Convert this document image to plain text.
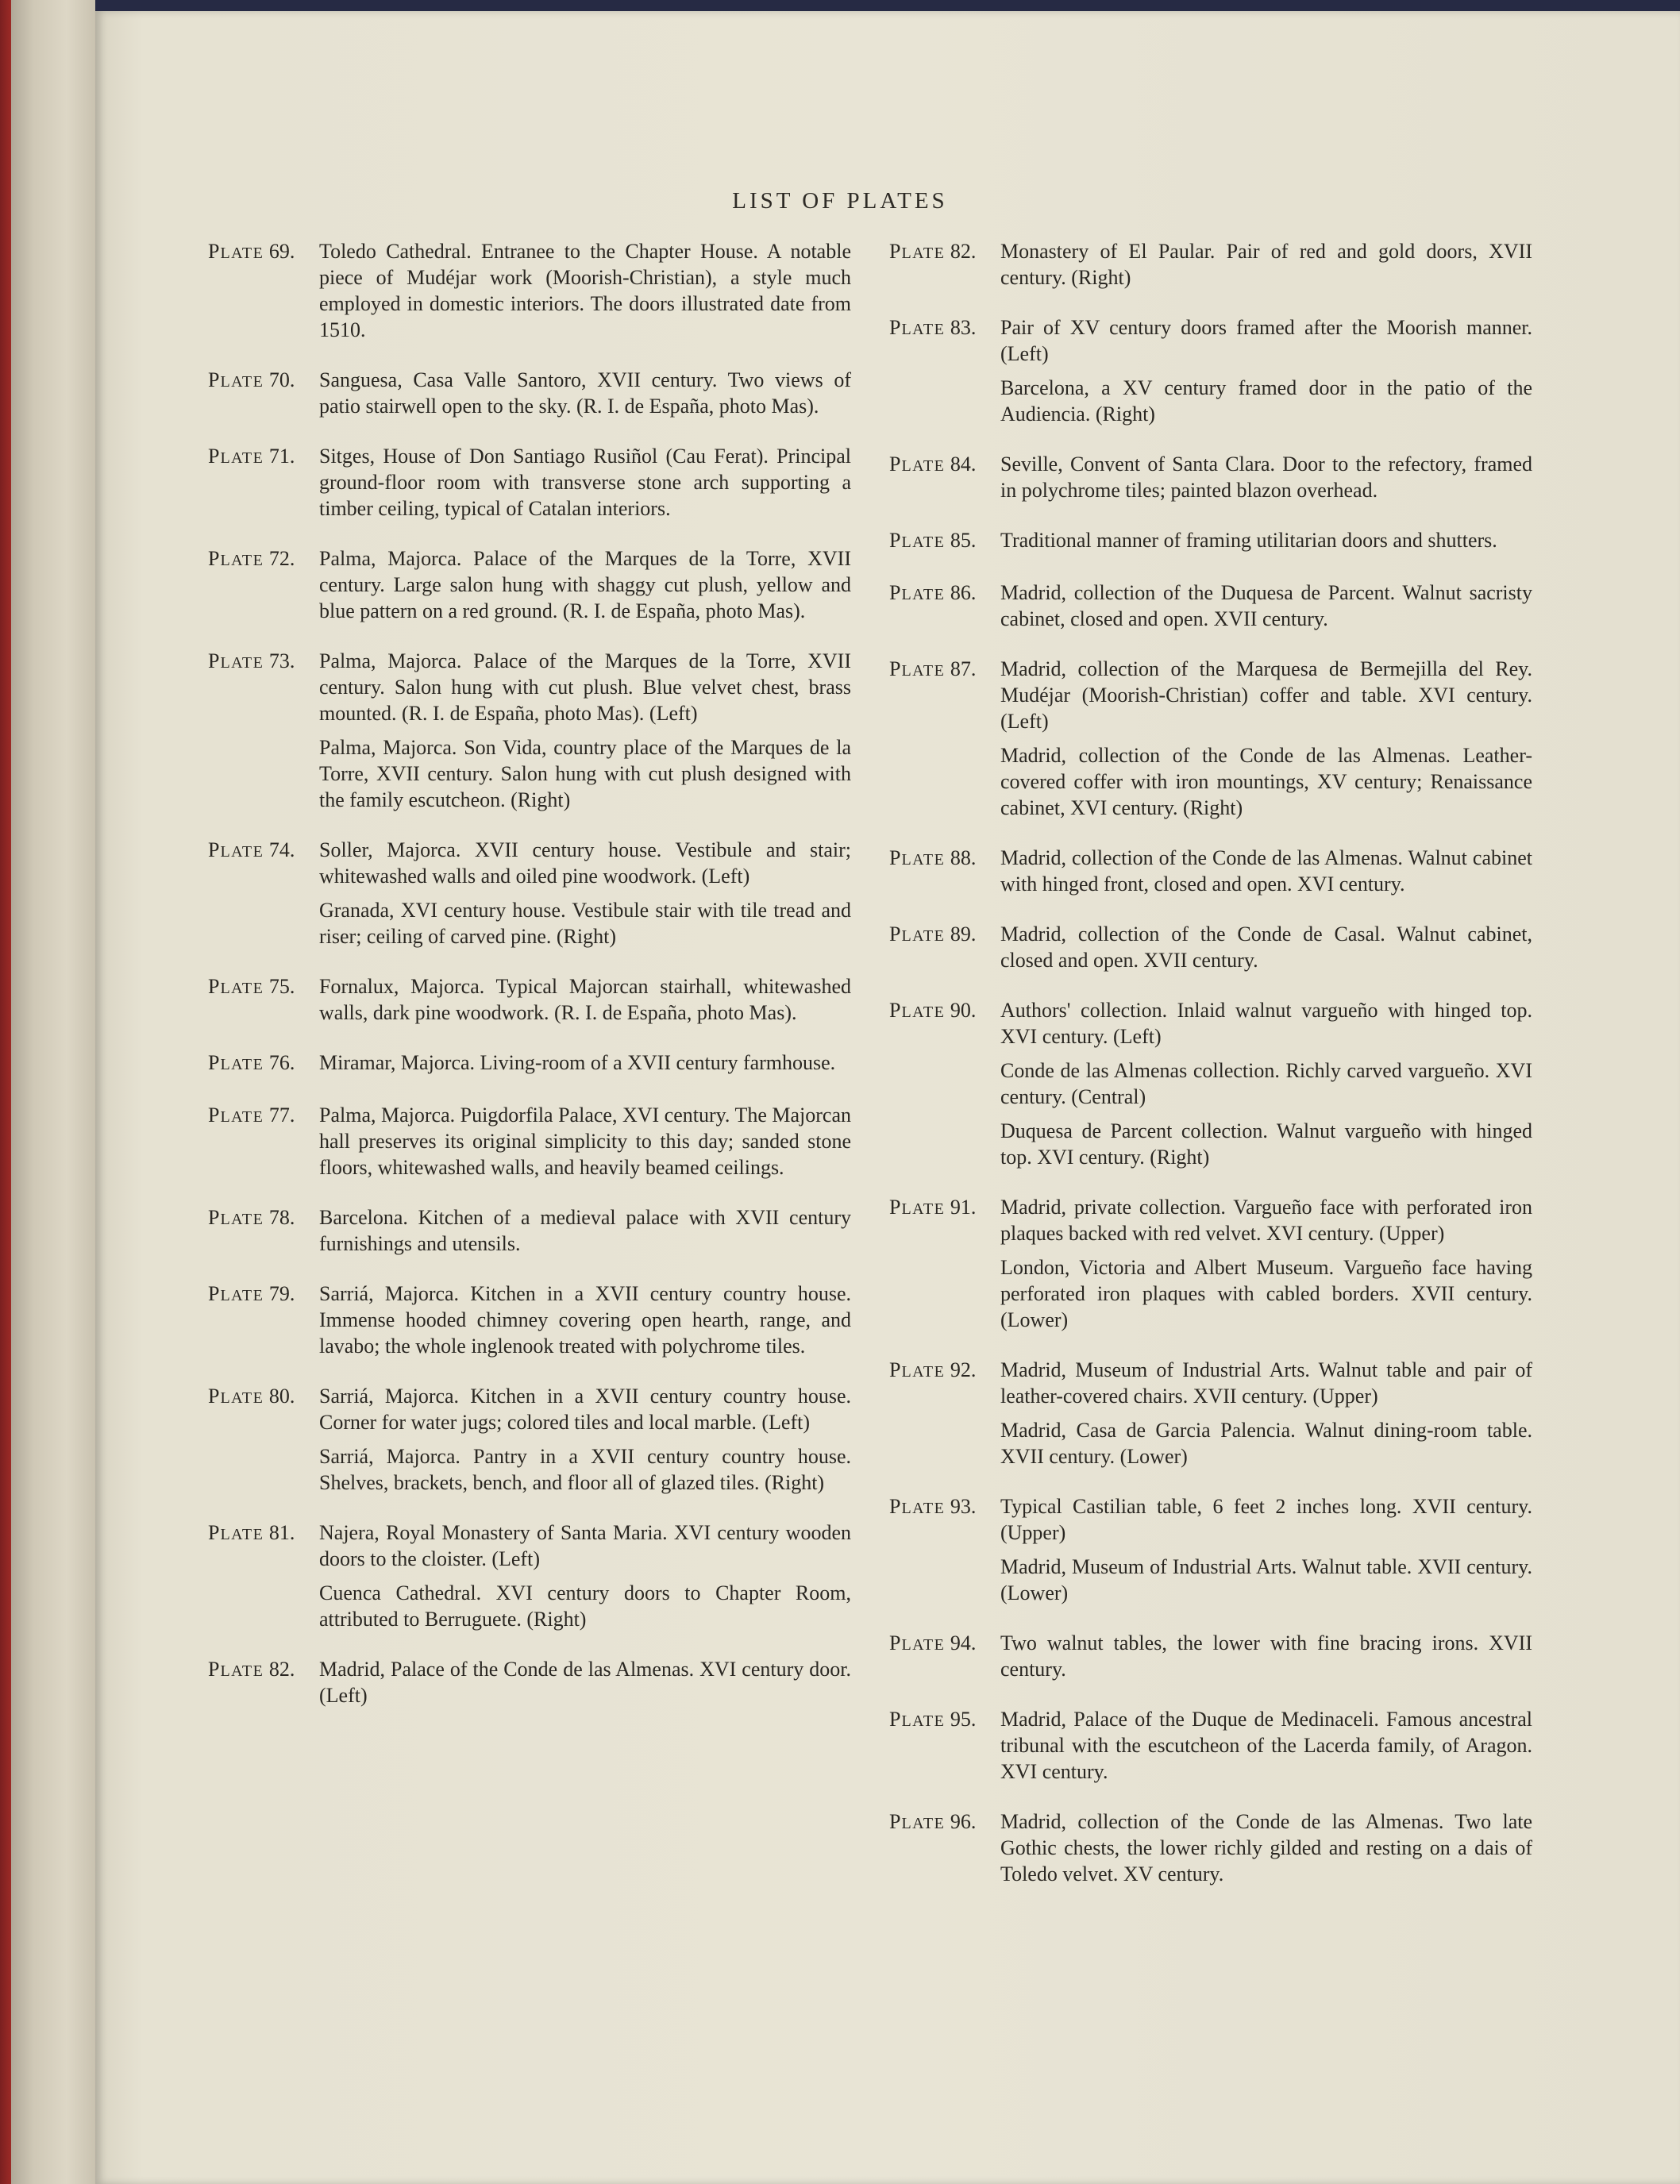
LIST OF PLATES
PLATE 69.	Toledo Cathedral. Entranee to the Chapter House. A notable piece of Mudéjar work (Moorish-Christian), a style much employed in domestic interiors. The doors illustrated date from 1510.
PLATE 70.	Sanguesa, Casa Valle Santoro, XVII century. Two views of patio stairwell open to the sky. (R. I. de España, photo Mas).
PLATE 71.	Sitges, House of Don Santiago Rusiñol (Cau Ferat). Principal ground-floor room with transverse stone arch supporting a timber ceiling, typical of Catalan interiors.
PLATE 72.	Palma, Majorca. Palace of the Marques de la Torre, XVII century. Large salon hung with shaggy cut plush, yellow and blue pattern on a red ground. (R. I. de España, photo Mas).
PLATE 73.	Palma, Majorca. Palace of the Marques de la Torre, XVII century. Salon hung with cut plush. Blue velvet chest, brass mounted. (R. I. de España, photo Mas). (Left)
Palma, Majorca. Son Vida, country place of the Marques de la Torre, XVII century. Salon hung with cut plush designed with the family escutcheon. (Right)
PLATE 74.	Soller, Majorca. XVII century house. Vestibule and stair; whitewashed walls and oiled pine woodwork. (Left)
Granada, XVI century house. Vestibule stair with tile tread and riser; ceiling of carved pine. (Right)
PLATE 75.	Fornalux, Majorca. Typical Majorcan stairhall, whitewashed walls, dark pine woodwork. (R. I. de España, photo Mas).
PLATE 76.	Miramar, Majorca. Living-room of a XVII century farmhouse.
PLATE 77.	Palma, Majorca. Puigdorfila Palace, XVI century. The Majorcan hall preserves its original simplicity to this day; sanded stone floors, whitewashed walls, and heavily beamed ceilings.
PLATE 78.	Barcelona. Kitchen of a medieval palace with XVII century furnishings and utensils.
PLATE 79.	Sarriá, Majorca. Kitchen in a XVII century country house. Immense hooded chimney covering open hearth, range, and lavabo; the whole inglenook treated with polychrome tiles.
PLATE 80.	Sarriá, Majorca. Kitchen in a XVII century country house. Corner for water jugs; colored tiles and local marble. (Left)
Sarriá, Majorca. Pantry in a XVII century country house. Shelves, brackets, bench, and floor all of glazed tiles. (Right)
PLATE 81.	Najera, Royal Monastery of Santa Maria. XVI century wooden doors to the cloister. (Left)
Cuenca Cathedral. XVI century doors to Chapter Room, attributed to Berruguete. (Right)
PLATE 82.	Madrid, Palace of the Conde de las Almenas. XVI century door. (Left)
PLATE 82.	Monastery of El Paular. Pair of red and gold doors, XVII century. (Right)
PLATE 83.	Pair of XV century doors framed after the Moorish manner. (Left)
Barcelona, a XV century framed door in the patio of the Audiencia. (Right)
PLATE 84.	Seville, Convent of Santa Clara. Door to the refectory, framed in polychrome tiles; painted blazon overhead.
PLATE 85.	Traditional manner of framing utilitarian doors and shutters.
PLATE 86.	Madrid, collection of the Duquesa de Parcent. Walnut sacristy cabinet, closed and open. XVII century.
PLATE 87.	Madrid, collection of the Marquesa de Bermejilla del Rey. Mudéjar (Moorish-Christian) coffer and table. XVI century. (Left)
Madrid, collection of the Conde de las Almenas. Leather-covered coffer with iron mountings, XV century; Renaissance cabinet, XVI century. (Right)
PLATE 88.	Madrid, collection of the Conde de las Almenas. Walnut cabinet with hinged front, closed and open. XVI century.
PLATE 89.	Madrid, collection of the Conde de Casal. Walnut cabinet, closed and open. XVII century.
PLATE 90.	Authors' collection. Inlaid walnut vargueño with hinged top. XVI century. (Left)
Conde de las Almenas collection. Richly carved vargueño. XVI century. (Central)
Duquesa de Parcent collection. Walnut vargueño with hinged top. XVI century. (Right)
PLATE 91.	Madrid, private collection. Vargueño face with perforated iron plaques backed with red velvet. XVI century. (Upper)
London, Victoria and Albert Museum. Vargueño face having perforated iron plaques with cabled borders. XVII century. (Lower)
PLATE 92.	Madrid, Museum of Industrial Arts. Walnut table and pair of leather-covered chairs. XVII century. (Upper)
Madrid, Casa de Garcia Palencia. Walnut dining-room table. XVII century. (Lower)
PLATE 93.	Typical Castilian table, 6 feet 2 inches long. XVII century. (Upper)
Madrid, Museum of Industrial Arts. Walnut table. XVII century. (Lower)
PLATE 94.	Two walnut tables, the lower with fine bracing irons. XVII century.
PLATE 95.	Madrid, Palace of the Duque de Medinaceli. Famous ancestral tribunal with the escutcheon of the Lacerda family, of Aragon. XVI century.
PLATE 96.	Madrid, collection of the Conde de las Almenas. Two late Gothic chests, the lower richly gilded and resting on a dais of Toledo velvet. XV century.
